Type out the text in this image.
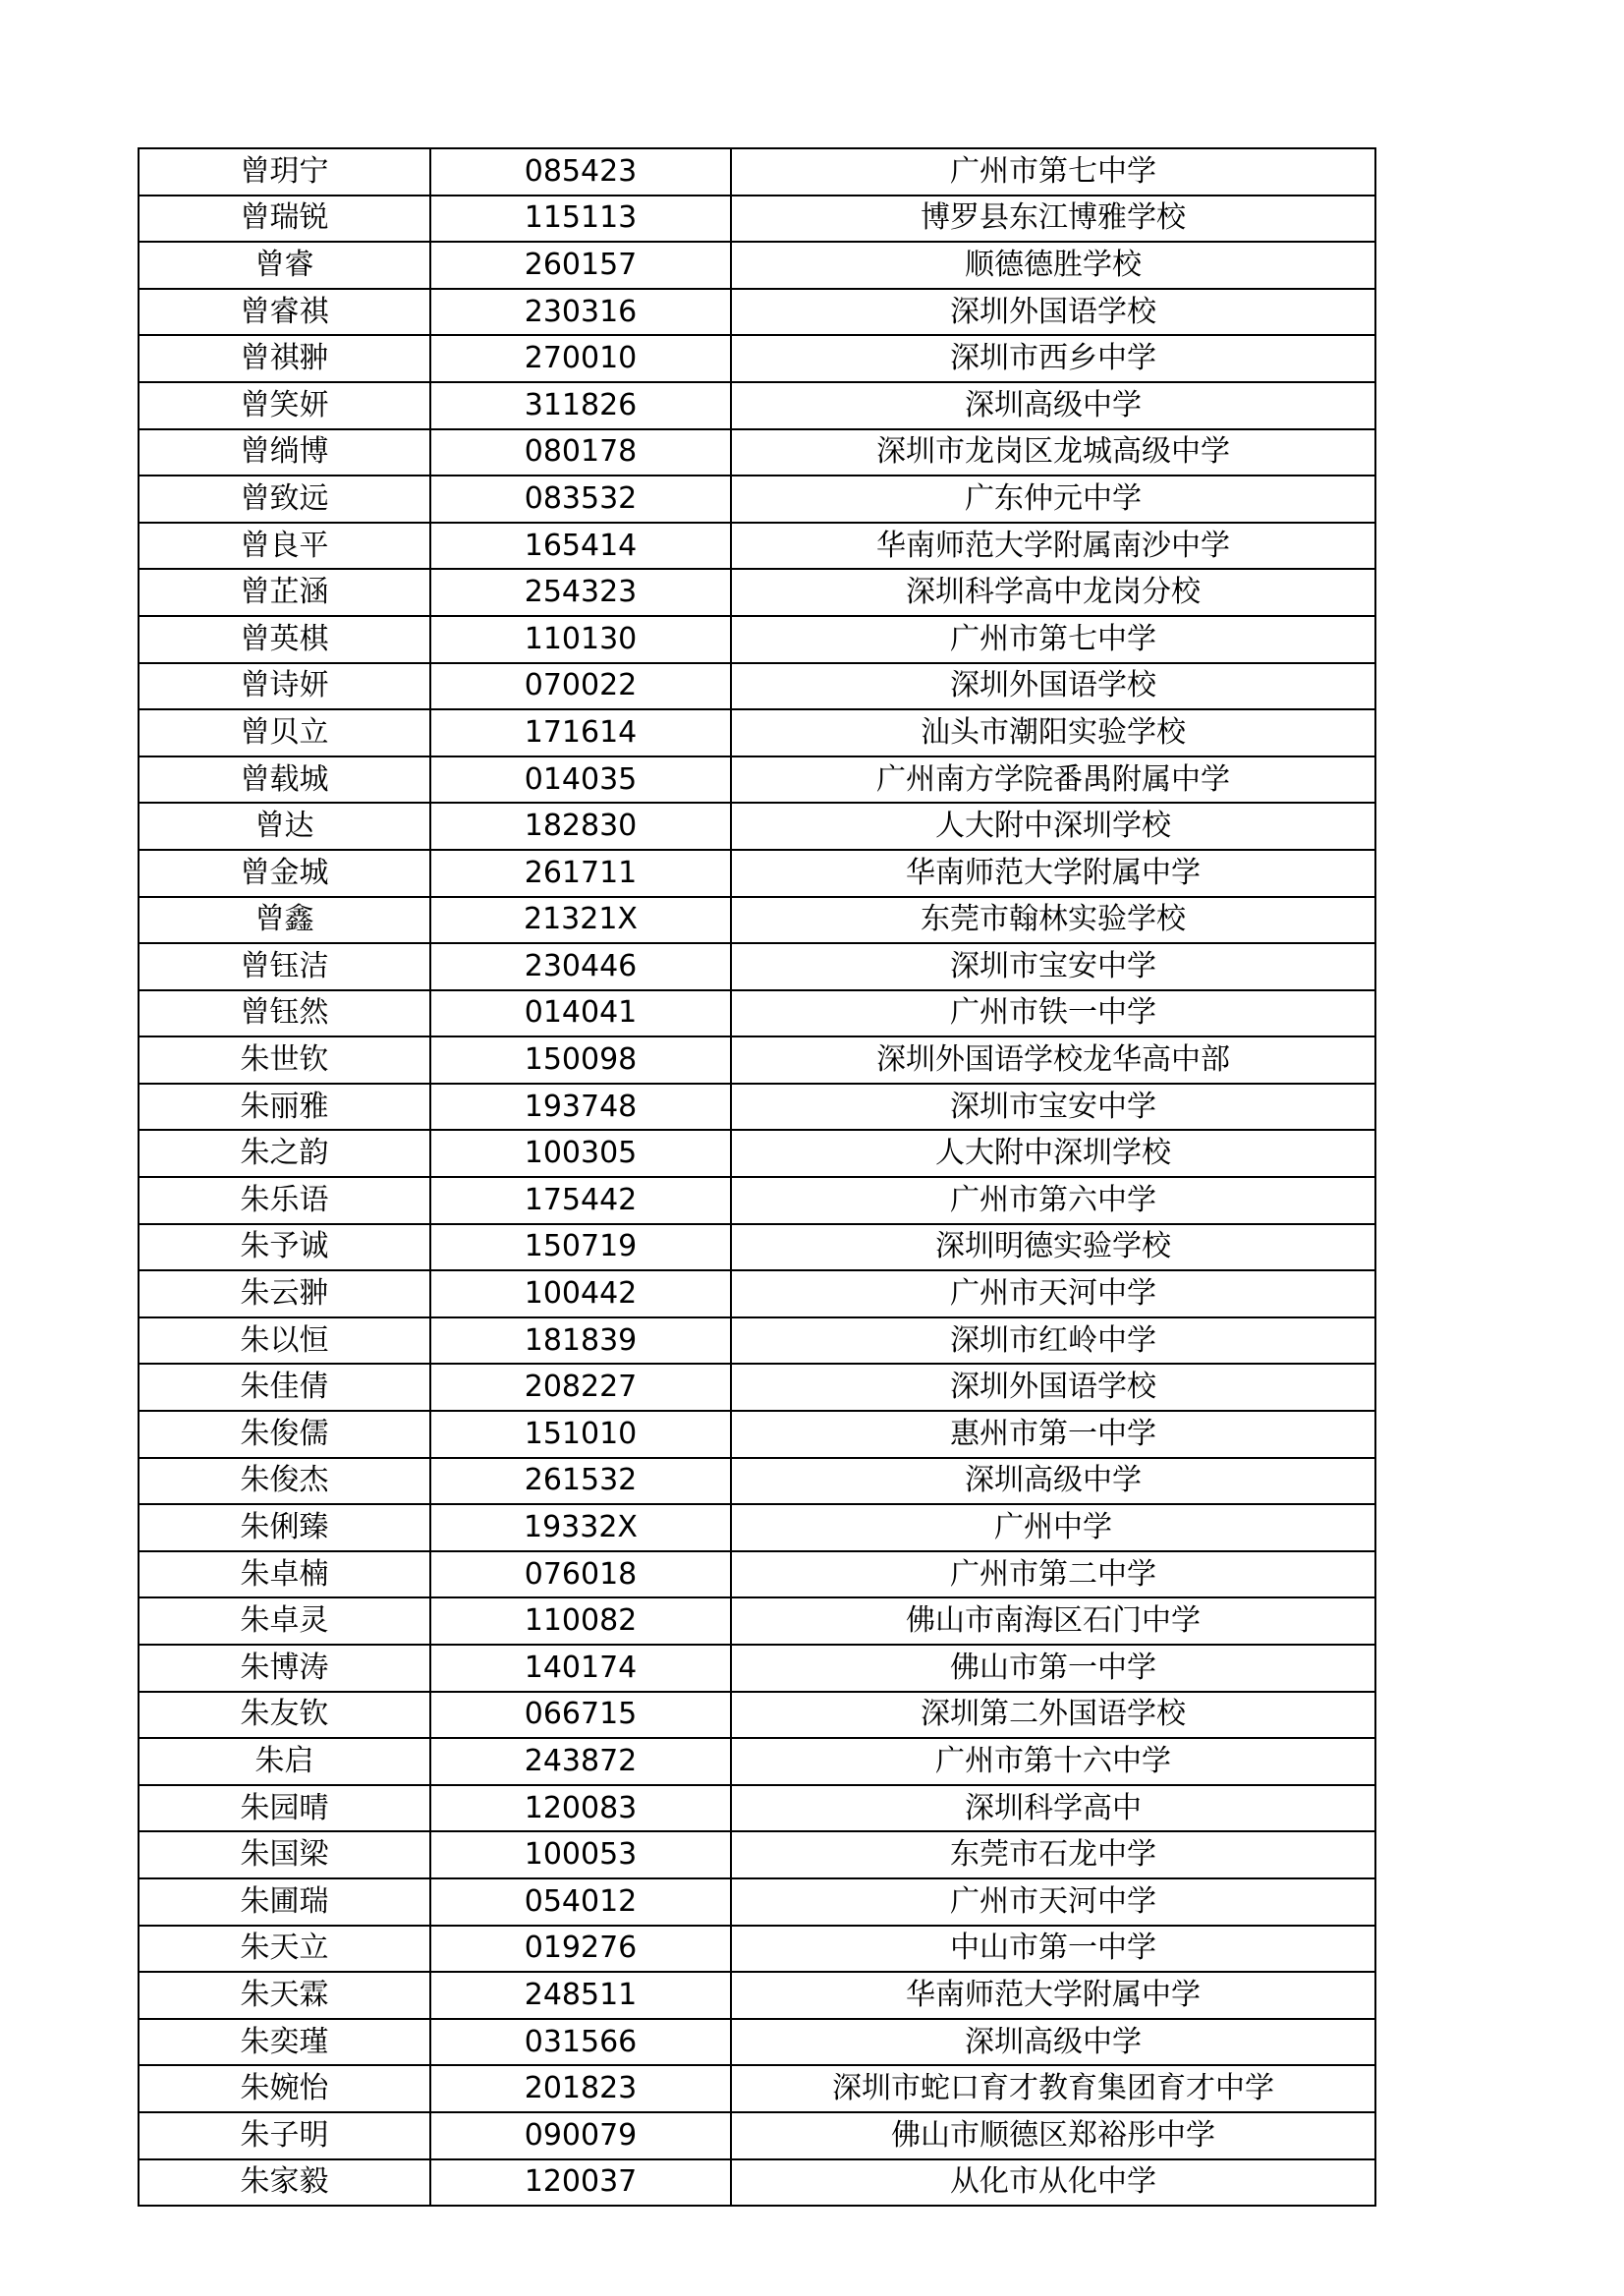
曾玥宁	085423	广州市第七中学
曾瑞锐	115113	博罗县东江博雅学校
曾睿	260157	顺德德胜学校
曾睿祺	230316	深圳外国语学校
曾祺翀	270010	深圳市西乡中学
曾笑妍	311826	深圳高级中学
曾绱博	080178	深圳市龙岗区龙城高级中学
曾致远	083532	广东仲元中学
曾良平	165414	华南师范大学附属南沙中学
曾芷涵	254323	深圳科学高中龙岗分校
曾英棋	110130	广州市第七中学
曾诗妍	070022	深圳外国语学校
曾贝立	171614	汕头市潮阳实验学校
曾载城	014035	广州南方学院番禺附属中学
曾达	182830	人大附中深圳学校
曾金城	261711	华南师范大学附属中学
曾鑫	21321X	东莞市翰林实验学校
曾钰洁	230446	深圳市宝安中学
曾钰然	014041	广州市铁一中学
朱世钦	150098	深圳外国语学校龙华高中部
朱丽雅	193748	深圳市宝安中学
朱之韵	100305	人大附中深圳学校
朱乐语	175442	广州市第六中学
朱予诚	150719	深圳明德实验学校
朱云翀	100442	广州市天河中学
朱以恒	181839	深圳市红岭中学
朱佳倩	208227	深圳外国语学校
朱俊儒	151010	惠州市第一中学
朱俊杰	261532	深圳高级中学
朱俐臻	19332X	广州中学
朱卓楠	076018	广州市第二中学
朱卓灵	110082	佛山市南海区石门中学
朱博涛	140174	佛山市第一中学
朱友钦	066715	深圳第二外国语学校
朱启	243872	广州市第十六中学
朱园晴	120083	深圳科学高中
朱国梁	100053	东莞市石龙中学
朱圃瑞	054012	广州市天河中学
朱天立	019276	中山市第一中学
朱天霖	248511	华南师范大学附属中学
朱奕瑾	031566	深圳高级中学
朱婉怡	201823	深圳市蛇口育才教育集团育才中学
朱子明	090079	佛山市顺德区郑裕彤中学
朱家毅	120037	从化市从化中学
